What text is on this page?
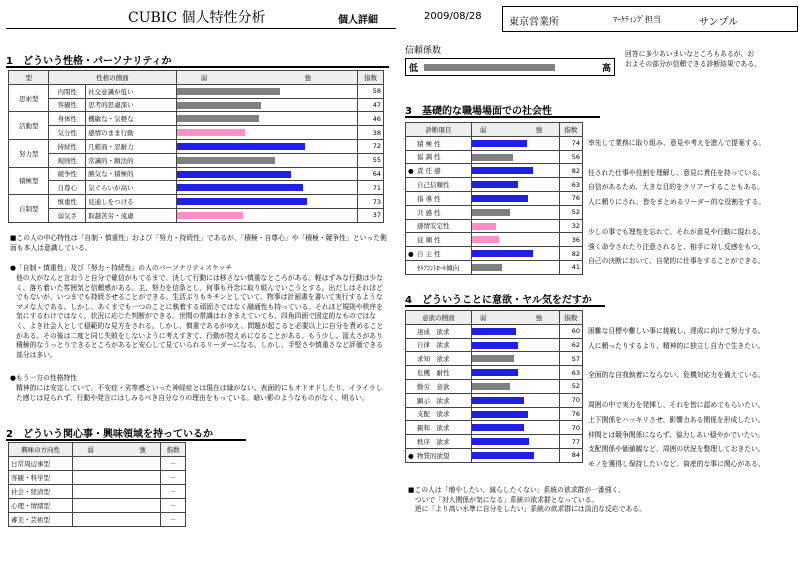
CUBIC 個人特性分析	個人詳細	2009/08/28
東京営業所	ﾏｰｹﾃｨﾝｸﾞ担当	サンプル
1　どういう性格・パーソナリティか
型	性格の側面		弱 強	指数
思索型	内閉性	社交意識が低い		58
	客観性	思考的思慮深い		47
活動型	身体性	機敏な・気軽な		46
	気分性	感情のまま行動		38
努力型	持続性	几帳面・忍耐力		72
	規則性	常識的・順法的		55
積極型	競争性	勝気な・積極的		64
	自尊心	気ぐらいが高い		71
自制型	慎重性	見通しをつける		73
	弱気さ	取越苦労・遠慮		37
■この人の中心特性は「自制・慎重性」および「努力・持続性」であるが、「積極・自尊心」や「積極・競争性」といった側面も本人は意識している。
●「自制・慎重性」及び「努力・持続性」の人のパーソナリティスケッチ
他の人がなんと言おうと自分で確信がもてるまで、決して行動には移さない慎重なところがある。軽はずみな行動は少なく、落ち着いた雰囲気と信頼感がある。主、努力を信条とし、何事も丹念に取り組んでいこうとする。出だしはそれほどでもないが、いつまでも持続させることができる。生活ぶりもキチンとしていて、物事は計画書を書いて実行するようなマメな人である。しかし、あくまでも一つのことに執着する頑固さではなく融通性も持っている。それほど規則や秩序を気にするわけではなく、状況に応じた判断ができる。世間の常識はわきまえていても、四角四面で固定的なものではなく、よき社会人として穏範的な見方をされる。しかし、慎重であるがゆえ、問題が起こると必要以上に自分を責めることがある。その後は二度と同じ失敗をしないように考えすぎて、行動が控えめになることがある。もう少し、図太さがあり積極的なうっとりできるところがあると安心して見ていられるリーダーになる。しかし、手堅さや慎重さなど評価できる部分は多い。
●もう一方の性格特性
精神的には安定していて、不安症・劣等感といった神経症とは現在は縁がない。表面的にもオドオドしたり、イライラした感じは見られず、行動や発言にはしみるべき自分なりの理由をもっている。暗い影のようなものがなく、明るい。
2　どういう関心事・興味領域を持っているか
興味の方向性	弱 強	指数
日常周辺事型		－
客観・科学型		－
社会・経済型		－
心理・情緒型		－
審美・芸術型		－
信頼係数
低	高
回答に多少あいまいなところもあるが、お
およその部分が信頼できる診断結果である。
3　基礎的な職場場面での社会性
診断項目	弱 強	指数
積 極 性		74
協 調 性		56
● 責 任 感		82
自己信頼性		63
指 導 性		76
共 感 性		52
感情安定性		32
従 順 性		36
● 自 主 性		82
ｾﾙﾌｺﾝﾄﾛｰﾙ傾向		41
率先して業務に取り組み、意見や考えを進んで提案する。
任された仕事や役割を理解し、意見に責任を持っている。
自信があるため、大きな目的をクリアーすることもある。
人に頼りにされ、皆をまとめるリーダー的な役割をする。
少しの事でも理性を忘れて、それが意見や行動に現れる。
強く命令されたり注意されると、相手に対し反感をもつ。
自己の決断において、自発的に仕事をすることができる。
4　どういうことに意欲・ヤル気をだすか
意欲の側面	弱 強	指数
達成　欲求		60
自律　欲求		62
求知　欲求		57
危機　耐性		63
勤労　意欲		52
顕示　欲求		70
支配　欲求		76
親和　欲求		70
秩序　欲求		77
● 物質的欲望		84
困難な目標や難しい事に挑戦し、達成に向けて努力する。
人に頼ったりするより、精神的に独立し自力で生きたい。
全面的な自我執着にならない、危機対応力を備えている。
周囲の中で実力を発揮し、それを皆に認めてもらいたい。
上下関係をハッキリさせ、影響力ある関係を形成したい。
仲間とは競争関係にならず、協力しあい穏やかでいたい。
支配関係や価値観など、周囲の状況を整理しておきたい。
モノを獲得し保持したいなど、資産的な事に関心がある。
■この人は「増やしたい、減らしたくない」系統の欲求群が一番強く、
　ついで「対人関係が気になる」系統の欲求群となっている。
　逆に「より高い水準に自分をしたい」系統の欲求群には淡泊な反応である。
